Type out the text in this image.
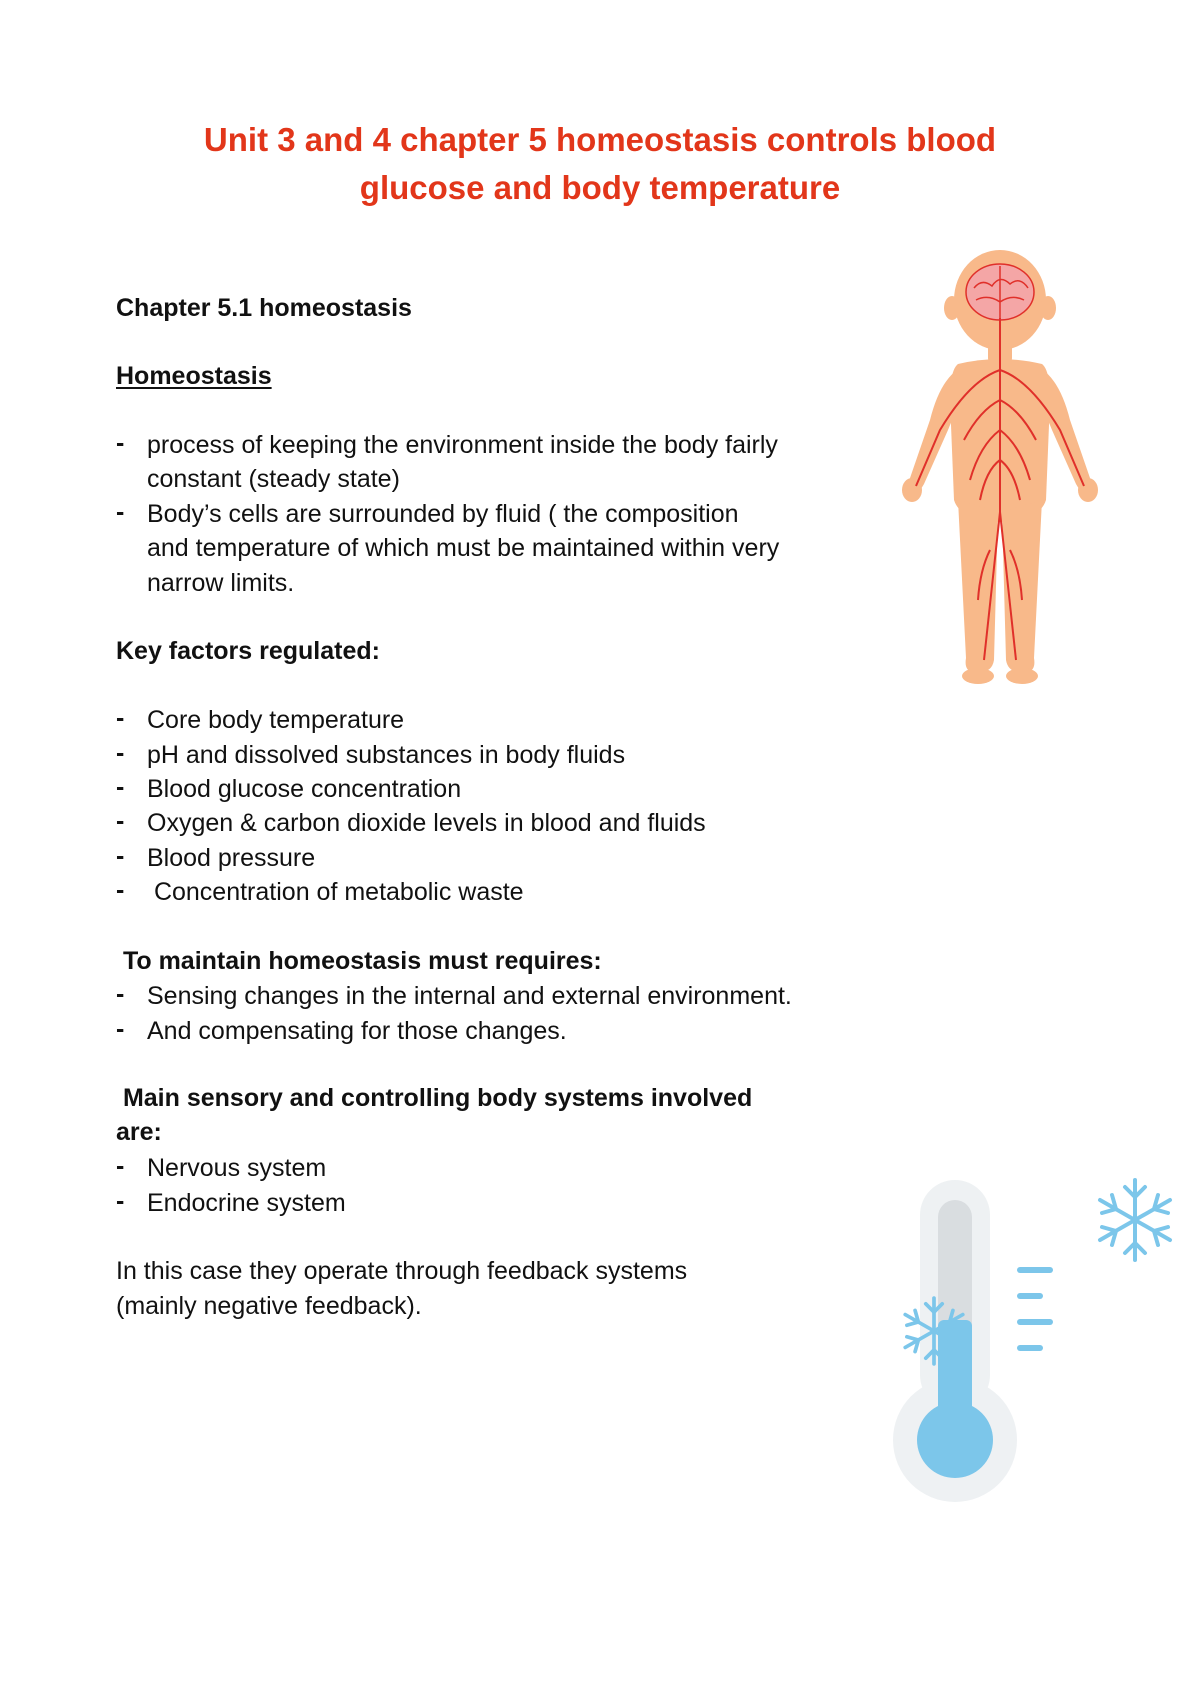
Unit 3 and 4 chapter 5 homeostasis controls blood
glucose and body temperature

Chapter 5.1 homeostasis

Homeostasis

- process of keeping the environment inside the body fairly
constant (steady state)
- Body’s cells are surrounded by fluid ( the composition
and temperature of which must be maintained within very
narrow limits.

Key factors regulated:

- Core body temperature
- pH and dissolved substances in body fluids
- Blood glucose concentration
- Oxygen & carbon dioxide levels in blood and fluids
- Blood pressure
- Concentration of metabolic waste

To maintain homeostasis must requires:

- Sensing changes in the internal and external environment.
- And compensating for those changes.

Main sensory and controlling body systems involved

are:

- Nervous system
- Endocrine system

In this case they operate through feedback systems

(mainly negative feedback).
